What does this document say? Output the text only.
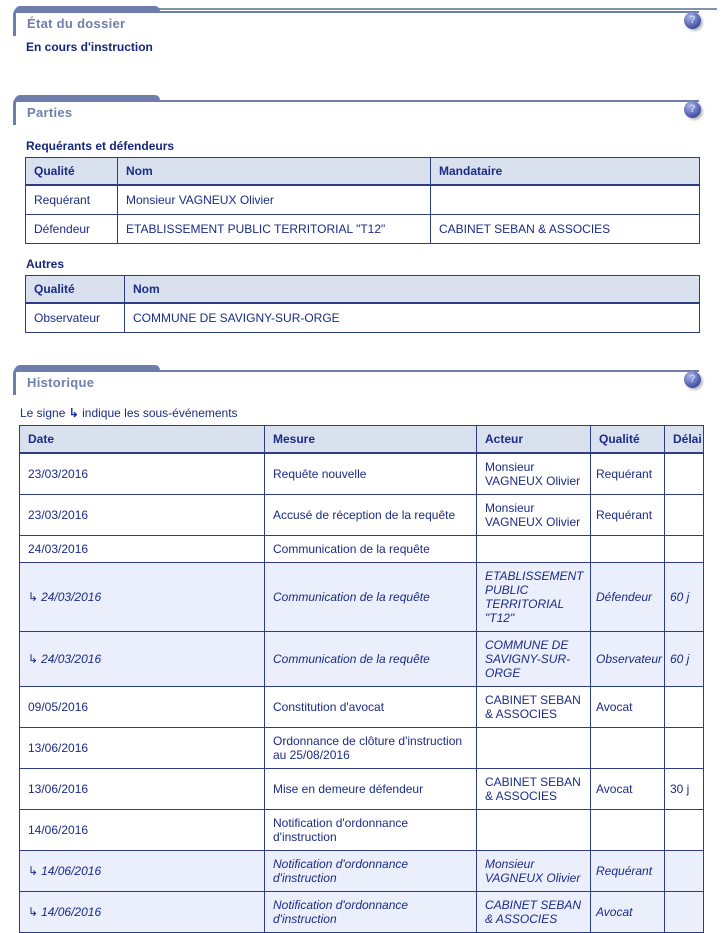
État du dossier	?
En cours d'instruction
Parties	?
Requérants et défendeurs
Qualité	Nom	Mandataire
Requérant	Monsieur VAGNEUX Olivier	
Défendeur	ETABLISSEMENT PUBLIC TERRITORIAL "T12"	CABINET SEBAN & ASSOCIES
Autres
Qualité	Nom
Observateur	COMMUNE DE SAVIGNY-SUR-ORGE
Historique	?
Le signe ↳ indique les sous-événements
Date	Mesure	Acteur	Qualité	Délai
23/03/2016	Requête nouvelle	Monsieur VAGNEUX Olivier	Requérant	
23/03/2016	Accusé de réception de la requête	Monsieur VAGNEUX Olivier	Requérant	
24/03/2016	Communication de la requête			
↳ 24/03/2016	Communication de la requête	ETABLISSEMENT PUBLIC TERRITORIAL "T12"	Défendeur	60 j
↳ 24/03/2016	Communication de la requête	COMMUNE DE SAVIGNY-SUR-ORGE	Observateur	60 j
09/05/2016	Constitution d'avocat	CABINET SEBAN & ASSOCIES	Avocat	
13/06/2016	Ordonnance de clôture d'instruction au 25/08/2016			
13/06/2016	Mise en demeure défendeur	CABINET SEBAN & ASSOCIES	Avocat	30 j
14/06/2016	Notification d'ordonnance d'instruction			
↳ 14/06/2016	Notification d'ordonnance d'instruction	Monsieur VAGNEUX Olivier	Requérant	
↳ 14/06/2016	Notification d'ordonnance d'instruction	CABINET SEBAN & ASSOCIES	Avocat	
